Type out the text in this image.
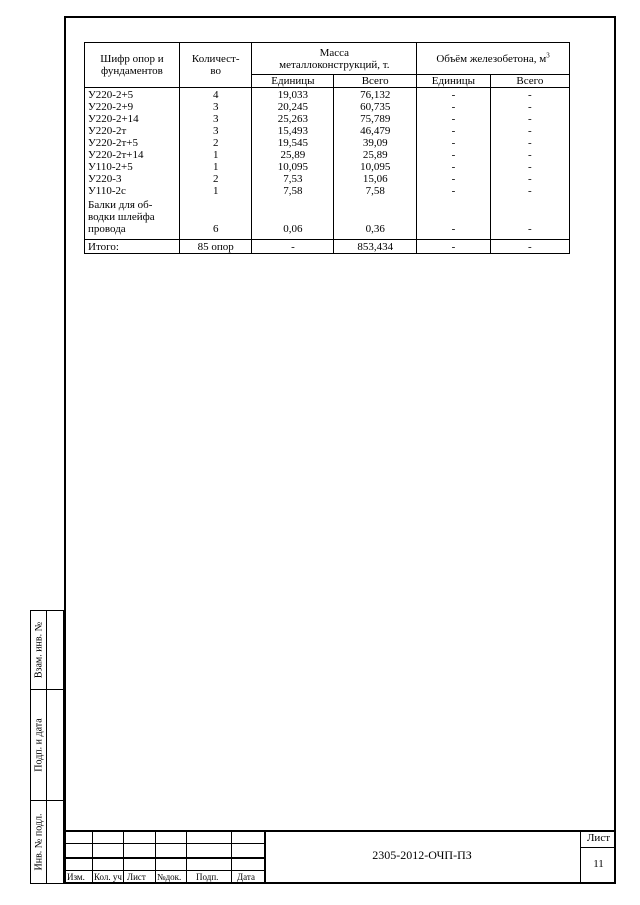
Шифр опор и фундаментов	Количест-во	Масса металлоконструкций, т.		Объём железобетона, $м^3$
		Единицы	Всего	Единицы	Всего
У220-2+5	4	19,033	76,132	-	-
У220-2+9	3	20,245	60,735	-	-
У220-2+14	3	25,263	75,789	-	-
У220-2т	3	15,493	46,479	-	-
У220-2т+5	2	19,545	39,09	-	-
У220-2т+14	1	25,89	25,89	-	-
У110-2+5	1	10,095	10,095	-	-
У220-3	2	7,53	15,06	-	-
У110-2с	1	7,58	7,58	-	-
Балки для об-водки шлейфа провода	6	0,06	0,36	-	-
Итого:	85 опор	-	853,434	-	-
Взам. инв. №
Подп. и дата
Инв. № подл.
Изм. Кол. уч Лист №док. Подп. Дата
2305-2012-ОЧП-ПЗ
Лист
11
